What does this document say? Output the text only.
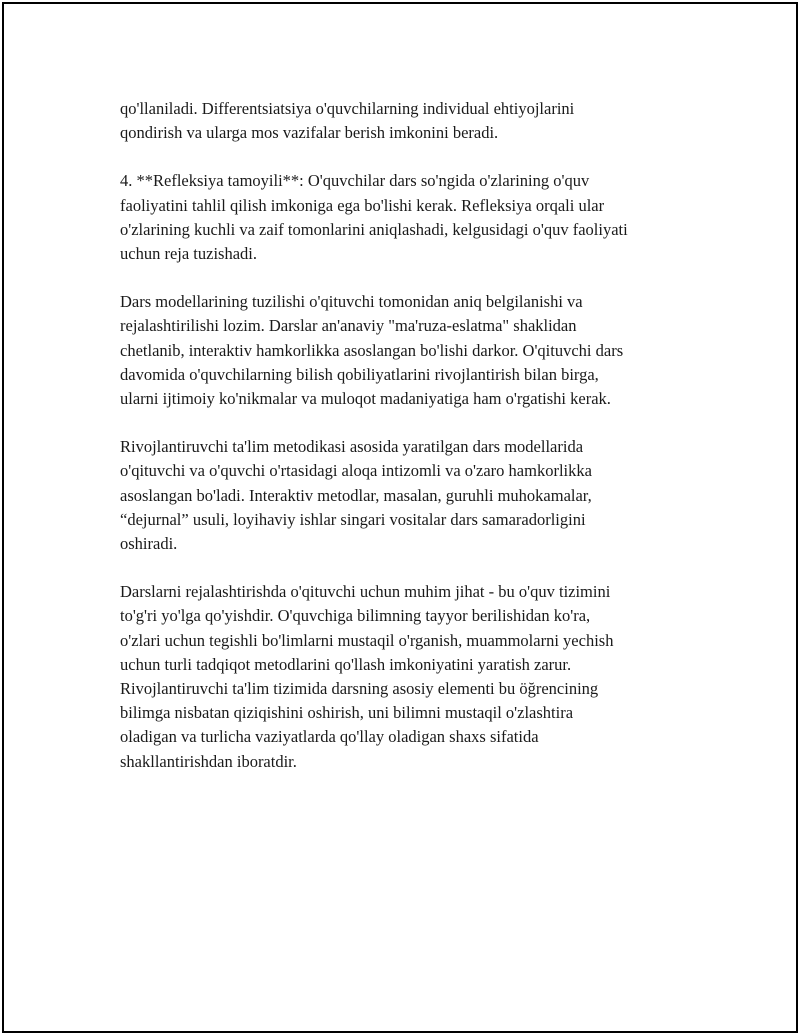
qo'llaniladi. Differentsiatsiya o'quvchilarning individual ehtiyojlarini
qondirish va ularga mos vazifalar berish imkonini beradi.

4. **Refleksiya tamoyili**: O'quvchilar dars so'ngida o'zlarining o'quv
faoliyatini tahlil qilish imkoniga ega bo'lishi kerak. Refleksiya orqali ular
o'zlarining kuchli va zaif tomonlarini aniqlashadi, kelgusidagi o'quv faoliyati
uchun reja tuzishadi.

Dars modellarining tuzilishi o'qituvchi tomonidan aniq belgilanishi va
rejalashtirilishi lozim. Darslar an'anaviy "ma'ruza-eslatma" shaklidan
chetlanib, interaktiv hamkorlikka asoslangan bo'lishi darkor. O'qituvchi dars
davomida o'quvchilarning bilish qobiliyatlarini rivojlantirish bilan birga,
ularni ijtimoiy ko'nikmalar va muloqot madaniyatiga ham o'rgatishi kerak.

Rivojlantiruvchi ta'lim metodikasi asosida yaratilgan dars modellarida
o'qituvchi va o'quvchi o'rtasidagi aloqa intizomli va o'zaro hamkorlikka
asoslangan bo'ladi. Interaktiv metodlar, masalan, guruhli muhokamalar,
“dejurnal” usuli, loyihaviy ishlar singari vositalar dars samaradorligini
oshiradi.

Darslarni rejalashtirishda o'qituvchi uchun muhim jihat - bu o'quv tizimini
to'g'ri yo'lga qo'yishdir. O'quvchiga bilimning tayyor berilishidan ko'ra,
o'zlari uchun tegishli bo'limlarni mustaqil o'rganish, muammolarni yechish
uchun turli tadqiqot metodlarini qo'llash imkoniyatini yaratish zarur.
Rivojlantiruvchi ta'lim tizimida darsning asosiy elementi bu öğrencining
bilimga nisbatan qiziqishini oshirish, uni bilimni mustaqil o'zlashtira
oladigan va turlicha vaziyatlarda qo'llay oladigan shaxs sifatida
shakllantirishdan iboratdir.
